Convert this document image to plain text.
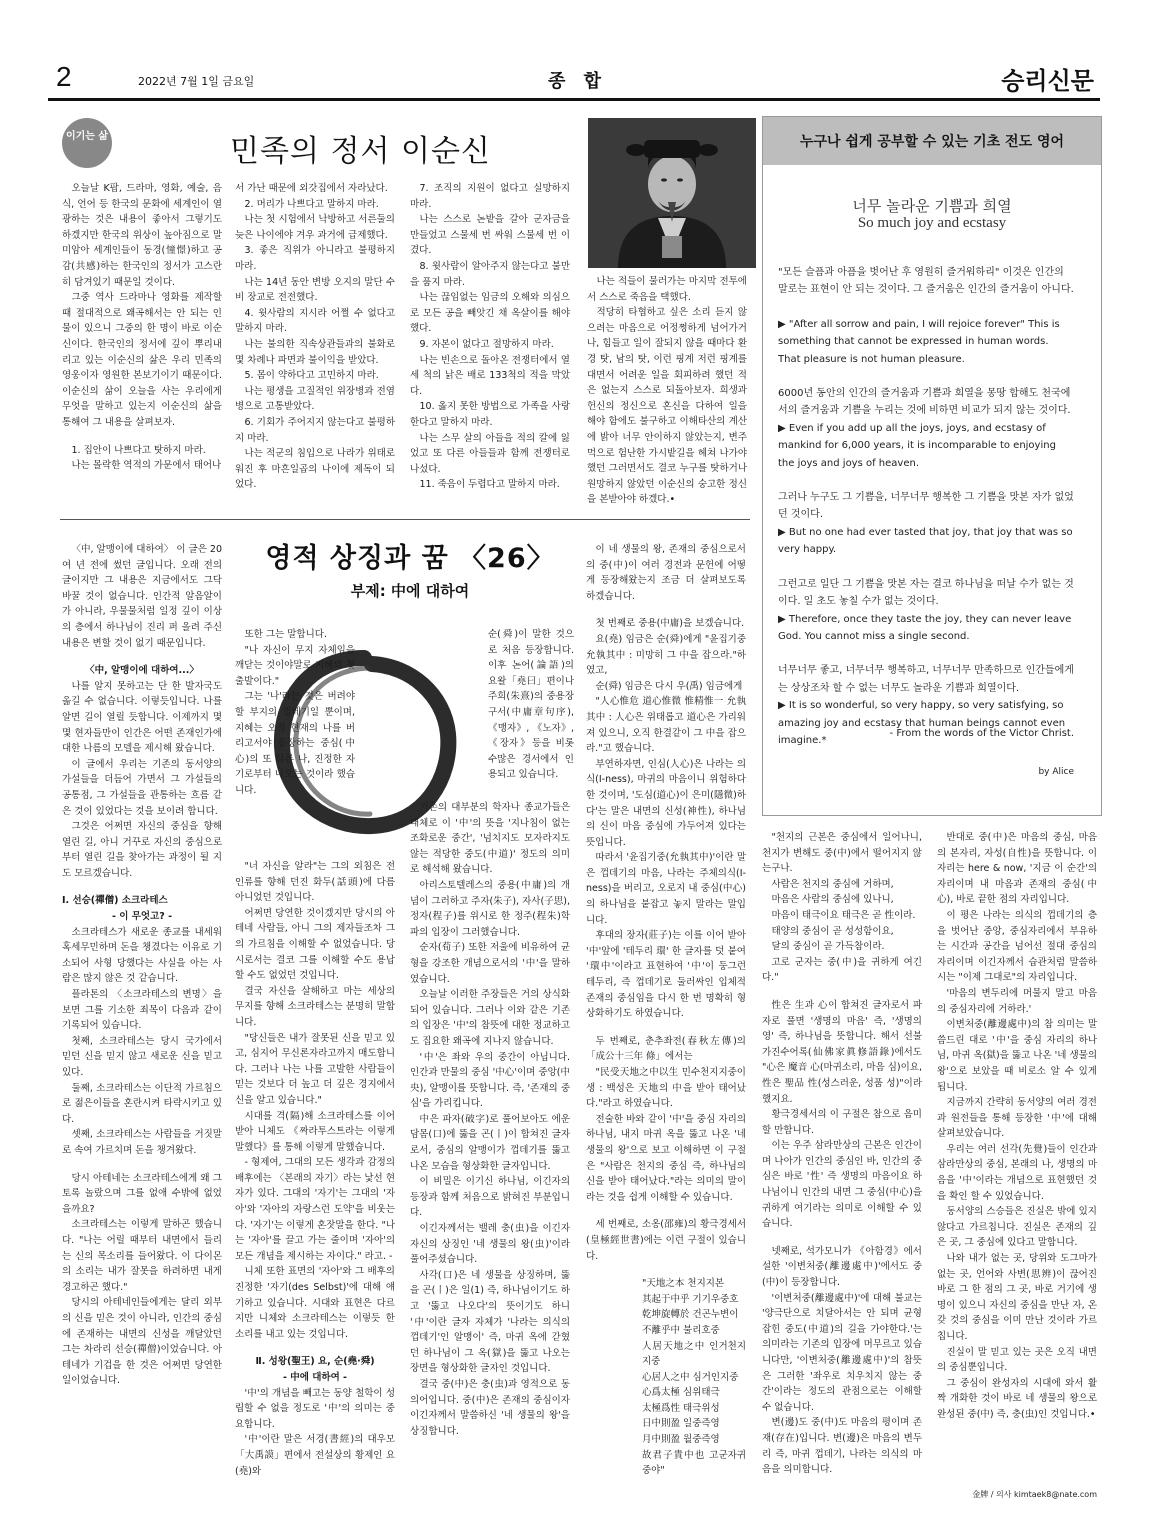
2	2022년 7월 1일 금요일	종 합	승리신문
이기는 삶	민족의 정서 이순신

오늘날 K팝, 드라마, 영화, 예술, 음식, 언어 등 한국의 문화에 세계인이 열광하는 것은 내용이 좋아서 그렇기도 하겠지만 한국의 위상이 높아짐으로 말미암아 세계인들이 동경(憧憬)하고 공감(共感)하는 한국인의 정서가 고스란히 담겨있기 때문일 것이다.

그중 역사 드라마나 영화를 제작할 때 절대적으로 왜곡해서는 안 되는 인물이 있으니 그중의 한 명이 바로 이순신이다. 한국인의 정서에 깊이 뿌리내리고 있는 이순신의 삶은 우리 민족의 영웅이자 영원한 본보기이기 때문이다. 이순신의 삶이 오늘을 사는 우리에게 무엇을 말하고 있는지 이순신의 삶을 통해여 그 내용을 살펴보자.

1. 집안이 나쁘다고 탓하지 마라.

나는 몰락한 역적의 가문에서 태어나

서 가난 때문에 외갓집에서 자라났다.

2. 머리가 나쁘다고 말하지 마라.

나는 첫 시험에서 낙방하고 서른둘의 늦은 나이에야 겨우 과거에 급제했다.

3. 좋은 직위가 아니라고 불평하지 마라.

나는 14년 동안 변방 오지의 말단 수비 장교로 전전했다.

4. 윗사람의 지시라 어쩔 수 없다고 말하지 마라.

나는 불의한 직속상관들과의 불화로 몇 차례나 파면과 불이익을 받았다.

5. 몸이 약하다고 고민하지 마라.

나는 평생을 고질적인 위장병과 전염병으로 고통받았다.

6. 기회가 주어지지 않는다고 불평하지 마라.

나는 적군의 침입으로 나라가 위태로워진 후 마흔일곱의 나이에 제독이 되었다.

7. 조직의 지원이 없다고 실망하지 마라.

나는 스스로 논밭을 갈아 군자금을 만들었고 스물세 번 싸워 스물세 번 이겼다.

8. 윗사람이 알아주지 않는다고 불만을 품지 마라.

나는 끊임없는 임금의 오해와 의심으로 모든 공을 빼앗긴 채 옥살이를 해야 했다.

9. 자본이 없다고 절망하지 마라.

나는 빈손으로 돌아온 전쟁터에서 열세 척의 낡은 배로 133척의 적을 막았다.

10. 옳지 못한 방법으로 가족을 사랑한다고 말하지 마라.

나는 스무 살의 아들을 적의 칼에 잃었고 또 다른 아들들과 함께 전쟁터로 나섰다.

11. 죽음이 두렵다고 말하지 마라.

나는 적들이 물러가는 마지막 전투에서 스스로 죽음을 택했다.

적당히 타협하고 싶은 소리 듣지 않으려는 마음으로 어정쩡하게 넘어가거나, 힘들고 일이 잘되지 않을 때마다 환경 탓, 남의 탓, 이런 핑계 저런 핑계를 대면서 어려운 일을 회피하려 했던 적은 없는지 스스로 되돌아보자. 희생과 헌신의 정신으로 혼신을 다하여 일을 해야 함에도 불구하고 이해타산의 계산에 밝아 너무 안이하지 않았는지, 변주먹으로 험난한 가시밭길을 헤쳐 나가야 했던 그러면서도 결코 누구를 탓하거나 원망하지 않았던 이순신의 숭고한 정신을 본받아야 하겠다.•

누구나 쉽게 공부할 수 있는 기초 전도 영어
너무 놀라운 기쁨과 희열
So much joy and ecstasy

"모든 슬픔과 아픔을 벗어난 후 영원히 즐거워하리" 이것은 인간의 말로는 표현이 안 되는 것이다. 그 즐거움은 인간의 즐거움이 아니다.

▶ "After all sorrow and pain, I will rejoice forever" This is something that cannot be expressed in human words. That pleasure is not human pleasure.

6000년 동안의 인간의 즐거움과 기쁨과 희열을 몽땅 합해도 천국에서의 즐거움과 기쁨을 누리는 것에 비하면 비교가 되지 않는 것이다.

▶ Even if you add up all the joys, joys, and ecstasy of mankind for 6,000 years, it is incomparable to enjoying the joys and joys of heaven.

그러나 누구도 그 기쁨을, 너무너무 행복한 그 기쁨을 맛본 자가 없었던 것이다.

▶ But no one had ever tasted that joy, that joy that was so very happy.

그런고로 일단 그 기쁨을 맛본 자는 결코 하나님을 떠날 수가 없는 것이다. 일 초도 놓칠 수가 없는 것이다.

▶ Therefore, once they taste the joy, they can never leave God. You cannot miss a single second.

너무너무 좋고, 너무너무 행복하고, 너무너무 만족하므로 인간들에게는 상상조차 할 수 없는 너무도 놀라운 기쁨과 희열이다.

▶ It is so wonderful, so very happy, so very satisfying, so amazing joy and ecstasy that human beings cannot even imagine.*

- From the words of the Victor Christ.
by Alice
영적 상징과 꿈 〈26〉
부제: 中에 대하여

〈中, 알맹이에 대하여〉 이 글은 20여 년 전에 썼던 글입니다. 오래 전의 글이지만 그 내용은 지금에서도 그닥 바꿀 것이 없습니다. 인간적 알음알이가 아니라, 우물물처럼 일정 깊이 이상의 층에서 하나님이 진리 퍼 올려 주신 내용은 변할 것이 없기 때문입니다.

〈中, 알맹이에 대하여...〉

나를 알지 못하고는 단 한 발자국도 옮길 수 없습니다. 이렇듯입니다. 나를 알면 길이 열릴 듯합니다. 이제까지 몇몇 현자들만이 인간은 어떤 존재인가에 대한 나름의 모델을 제시해 왔습니다.

이 글에서 우리는 기존의 동서양의 가설들을 더듬어 가면서 그 가설들의 공통점, 그 가설들을 관통하는 흐름 같은 것이 있었다는 것을 보이려 합니다.

그것은 어쩌면 자신의 중심을 향해 열린 길, 아니 거꾸로 자신의 중심으로부터 열린 길을 찾아가는 과정이 될 지도 모르겠습니다.

Ⅰ. 선승(禪僧) 소크라테스

- 이 무엇고? -

소크라테스가 새로운 종교를 내세워 혹세무민하며 돈을 챙겼다는 이유로 기소되어 사형 당했다는 사실을 아는 사람은 많지 않은 것 같습니다.

플라톤의 〈소크라테스의 변명〉을 보면 그를 기소한 죄목이 다음과 같이 기록되어 있습니다.

첫째, 소크라테스는 당시 국가에서 믿던 신을 믿지 않고 새로운 신을 믿고 있다.

둘째, 소크라테스는 이단적 가르침으로 젊은이들을 혼란시켜 타락시키고 있다.

셋째, 소크라테스는 사람들을 거짓말로 속여 가르치며 돈을 챙겨왔다.

당시 아테네는 소크라테스에게 왜 그토록 놀랐으며 그를 없애 수밖에 없었을까요?

소크라테스는 이렇게 말하곤 했습니다. "나는 어릴 때부터 내면에서 들리는 신의 목소리를 들어왔다. 이 다이몬의 소리는 내가 잘못을 하려하면 내게 경고하곤 했다."

당시의 아테네인들에게는 달리 외부의 신을 믿은 것이 아니라, 인간의 중심에 존재하는 내면의 신성을 깨달았던 그는 차라리 선승(禪僧)이었습니다. 아테네가 기겁을 한 것은 어쩌면 당연한 일이었습니다.

또한 그는 말합니다.

"나 자신이 무지 자체임을 깨닫는 것이야말로 지혜의 첫 출발이다."

그는 '나'라는 것은 버려야할 부지의 껍데기일 뿐이며, 지혜는 오직 현재의 나를 버리고서야 등장하는 중심(中心)의 또 다른 나, 진정한 자기로부터 나오는 것이라 했습니다.

"너 자신을 알라"는 그의 외침은 전 인류를 향해 던진 화두(話頭)에 다름 아니었던 것입니다.

어쩌면 당연한 것이겠지만 당시의 아테네 사람들, 아니 그의 제자들조차 그의 가르침을 이해할 수 없었습니다. 당시로서는 결코 그를 이해할 수도 용납할 수도 없었던 것입니다.

결국 자신을 살해하고 마는 세상의 무지를 향해 소크라테스는 분명히 말합니다.

"당신들은 내가 잘못된 신을 믿고 있고, 심지어 무신론자라고까지 매도합니다. 그러나 나는 나를 고발한 사람들이 믿는 것보다 더 높고 더 깊은 경지에서 신을 알고 있습니다."

시대를 격(隔)해 소크라테스를 이어받아 니체도 《짜라투스트라는 이렇게 말했다》를 통해 이렇게 말했습니다.

- 형제여, 그대의 모든 생각과 감정의 배후에는 〈본래의 자기〉라는 낯선 현자가 있다. 그대의 '자기'는 그대의 '자아'와 '자아의 자랑스런 도약'을 비웃는다. '자기'는 이렇게 혼잣말을 한다. "나는 '자아'를 끌고 가는 줄이며 '자아'의 모든 개념을 제시하는 자이다." 라고. -

니체 또한 표면의 '자아'와 그 배후의 진정한 '자기(des Selbst)'에 대해 얘기하고 있습니다. 시대와 표현은 다르지만 니체와 소크라테스는 이렇듯 한 소리를 내고 있는 것입니다.

Ⅱ. 성왕(聖王) 요, 순(堯·舜)

- 中에 대하여 -

'中'의 개념을 빼고는 동양 철학이 성립할 수 없을 정도로 '中'의 의미는 중요합니다.

'中'이란 말은 서경(書經)의 대우모「大禹謨」편에서 전설상의 황제인 요(堯)와

순(舜)이 말한 것으로 처음 등장합니다. 이후 논어(論語)의 요왈「堯曰」편이나 주희(朱熹)의 중용장구서(中庸章句序), 《맹자》, 《노자》, 《장자》등을 비롯 수많은 경서에서 인용되고 있습니다.

기존의 대부분의 학자나 종교가들은 대체로 이 '中'의 뜻을 '지나침이 없는 조화로운 중간', '넘치지도 모자라지도 않는 적당한 중도(中道)' 정도의 의미로 해석해 왔습니다.

아리스토텔레스의 중용(中庸)의 개념이 그러하고 주자(朱子), 자사(子思), 정자(程子)를 위시로 한 정주(程朱)학파의 입장이 그러했습니다.

순자(荀子) 또한 저울에 비유하여 균형을 강조한 개념으로서의 '中'을 말하였습니다.

오늘날 이러한 주장들은 거의 상식화되어 있습니다. 그러나 이와 같은 기존의 입장은 '中'의 참뜻에 대한 정교하고도 집요한 왜곡에 지나지 않습니다.

'中'은 좌와 우의 중간이 아닙니다. 인간과 만물의 중심 '中心'이며 중앙(中央), 알맹이를 뜻합니다. 즉, '존재의 중심'을 가리킵니다.

中은 파자(破字)로 풀어보아도 에운담몸(口)에 뚫을 곤(丨)이 합쳐진 글자로서, 중심의 알맹이가 껍데기를 뚫고 나온 모습을 형상화한 글자입니다.

이 비밀은 이기신 하나님, 이긴자의 등장과 함께 처음으로 밝혀진 부분입니다.

이긴자께서는 밸레 충(虫)을 이긴자 자신의 상징인 '네 생물의 왕(虫)'이라 풀어주셨습니다.

사각(口)은 네 생물을 상징하며, 뚫을 곤(丨)은 일(1) 즉, 하나님이기도 하고 '뚫고 나오다'의 뜻이기도 하니 '中'이란 글자 자체가 '나라는 의식의 껍데기'인 알맹이' 즉, 마귀 옥에 갇혔던 하나님이 그 옥(獄)을 뚫고 나오는 장면을 형상화한 글자인 것입니다.

결국 중(中)은 충(虫)과 영적으로 동의어입니다. 중(中)은 존재의 중심이자 이긴자께서 말씀하신 '네 생물의 왕'을 상징합니다.

이 네 생물의 왕, 존재의 중심으로서의 중(中)이 여러 경전과 문헌에 어떻게 등장해왔는지 조금 더 살펴보도록 하겠습니다.

첫 번째로 중용(中庸)을 보겠습니다.

요(堯) 임금은 순(舜)에게 "윤집기중 允執其中 : 미망히 그 中을 잡으라."하였고,

순(舜) 임금은 다시 우(禹) 임금에게

"人心惟危 道心惟微 惟精惟一 允執其中 : 人心은 위태롭고 道心은 가리워져 있으니, 오직 한결같이 그 中을 잡으라."고 했습니다.

부연하자면, 인심(人心)은 나라는 의식(I-ness), 마귀의 마음이니 위험하다 한 것이며, '도심(道心)이 은미(隱微)하다'는 말은 내면의 신성(神性), 하나님의 신이 마음 중심에 가두어져 있다는 뜻입니다.

따라서 '윤집기중(允執其中)'이란 말은 껍데기의 마음, 나라는 주체의식(I-ness)을 버리고, 오로지 내 중심(中心)의 하나님을 붙잡고 놓지 말라는 말입니다.

후대의 장자(莊子)는 이를 이어 받아 '中'앞에 '테두리 環' 한 글자를 덧 붙여 '環中'이라고 표현하여 '中'이 둥그런 테두리, 즉 껍데기로 둘러싸인 입체적 존재의 중심임을 다시 한 번 명확히 형상화하기도 하였습니다.

두 번째로, 춘추좌전(春秋左傳)의「成公十三年 條」에서는

"民受天地之中以生 민수천지지중이생 : 백성은 天地의 中을 받아 태어났다."라고 하였습니다.

전술한 바와 같이 '中'을 중심 자리의 하나님, 내지 마귀 옥을 뚫고 나온 '네 생물의 왕'으로 보고 이해하면 이 구절은 "사람은 천지의 중심 즉, 하나님의 신을 받아 태어났다."라는 의미의 말이라는 것을 쉽게 이해할 수 있습니다.

세 번째로, 소옹(邵雍)의 황극경세서(皇極經世書)에는 이런 구절이 있습니다.

"天地之本 천지지본
其起于中乎 기기우중호
乾坤旋轉於 건곤누변이
不離乎中 불리호중
人居天地之中 인거천지지중
心居人之中 심거인지중
心爲太極 심위태극
太極爲性 태극위성
日中則盈 일중즉영
月中則盈 월중즉영
故君子貴中也 고군자귀중야"

"천지의 근본은 중심에서 일어나니, 천지가 변해도 중(中)에서 떨어지지 않는구나.

사람은 천지의 중심에 거하며,

마음은 사람의 중심에 있나니,

마음이 태극이요 태극은 곧 性이라.

태양의 중심이 곧 성성함이요,

달의 중심이 곧 가득참이라.

고로 군자는 중(中)을 귀하게 여긴다."

性은 生과 心이 합쳐진 글자로서 파자로 풀면 '생명의 마음' 즉, '생명의 영' 즉, 하나님을 뜻합니다. 해서 선불가진수어록(仙佛家眞修語錄)에서도 "心은 魔音 心(마귀소리, 마음 심)이요, 性은 聖品 性(성스러운, 성품 성)"이라 했지요.

황극경세서의 이 구절은 참으로 음미할 만합니다.

이는 우주 삼라만상의 근본은 인간이며 나아가 인간의 중심인 바, 인간의 중심은 바로 '性' 즉 생명의 마음이요 하나님이니 인간의 내면 그 중심(中心)을 귀하게 여기라는 의미로 이해할 수 있습니다.

넷째로, 석가모니가 《아함경》에서 설한 '이변처중(離邊處中)'에서도 중(中)이 등장합니다.

'이변처중(離邊處中)'에 대해 불교는 '양극단으로 치달아서는 안 되며 균형 잡힌 중도(中道)의 길을 가야한다.'는 의미라는 기존의 입장에 머무르고 있습니다만, '이변처중(離邊處中)'의 참뜻은 그러한 '좌우로 치우치지 않는 중간'이라는 정도의 관점으로는 이해할 수 없습니다.

변(邊)도 중(中)도 마음의 평이며 존재(存在)입니다. 변(邊)은 마음의 변두리 즉, 마귀 껍데기, 나라는 의식의 마음을 의미합니다.

반대로 중(中)은 마음의 중심, 마음의 본자리, 자성(自性)을 뜻합니다. 이 자리는 here & now, '지금 이 순간'의 자리이며 내 마음과 존재의 중심(中心), 바로 끝한 점의 자리입니다.

이 평은 나라는 의식의 껍데기의 층을 벗어난 중앙, 중심자리에서 부유하는 시간과 공간을 넘어선 절대 중심의 자리이며 이긴자께서 습관처럼 말씀하시는 "이제 그대로"의 자리입니다.

'마음의 변두리에 머물지 말고 마음의 중심자리에 거하라.'

이변처중(離邊處中)의 참 의미는 말씀드린 대로 '中'을 중심 자리의 하나님, 마귀 옥(獄)을 뚫고 나온 '네 생물의 왕'으로 보았을 때 비로소 알 수 있게 됩니다.

지금까지 간략히 동서양의 여러 경전과 원전들을 통해 등장한 '中'에 대해 살펴보았습니다.

우리는 여러 선각(先覺)들이 인간과 삼라만상의 중심, 본래의 나, 생명의 마음을 '中'이라는 개념으로 표현했던 것을 확인 할 수 있었습니다.

동서양의 스승들은 진실은 밖에 있지 않다고 가르칩니다. 진실은 존재의 깊은 곳, 그 중심에 있다고 말합니다.

나와 내가 없는 곳, 당위와 도그마가 없는 곳, 언어와 사변(思辨)이 끊어진 바로 그 한 점의 그 곳, 바로 거기에 생명이 있으니 자신의 중심을 만난 자, 온갖 것의 중심을 이미 만난 것이라 가르칩니다.

진실이 말 믿고 있는 곳은 오직 내면의 중심뿐입니다.

그 중심이 완성자의 시대에 와서 활짝 개화한 것이 바로 네 생물의 왕으로 완성된 중(中) 즉, 충(虫)인 것입니다.•

金牌 / 의사 kimtaek8@nate.com
